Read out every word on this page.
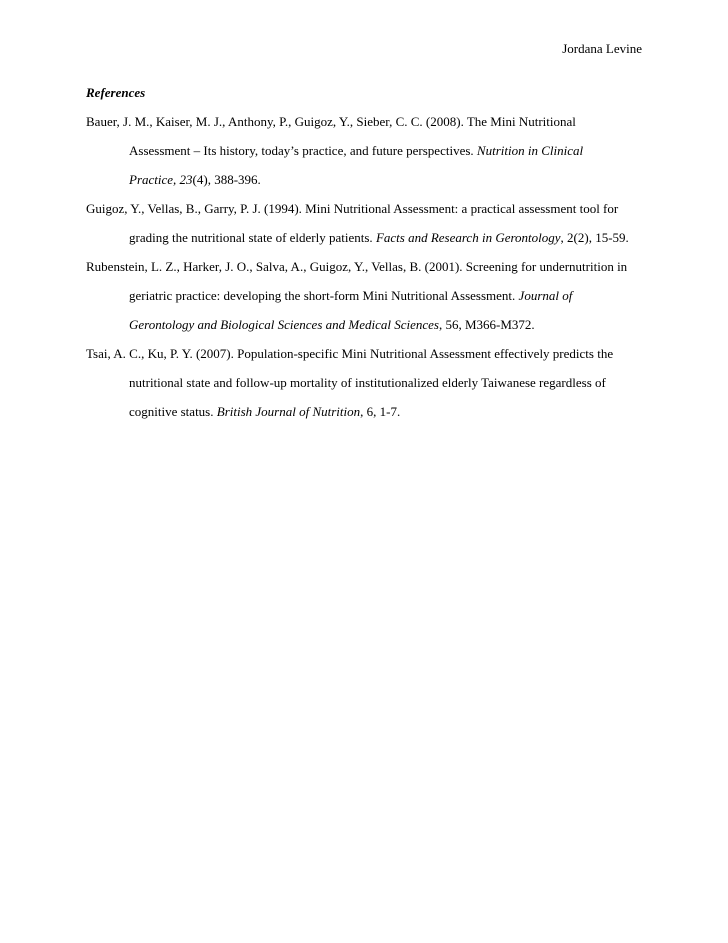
Jordana Levine
References
Bauer, J. M., Kaiser, M. J., Anthony, P., Guigoz, Y., Sieber, C. C. (2008). The Mini Nutritional
Assessment – Its history, today’s practice, and future perspectives. Nutrition in Clinical
Practice, 23(4), 388-396.
Guigoz, Y., Vellas, B., Garry, P. J. (1994). Mini Nutritional Assessment: a practical assessment tool for
grading the nutritional state of elderly patients. Facts and Research in Gerontology, 2(2), 15-59.
Rubenstein, L. Z., Harker, J. O., Salva, A., Guigoz, Y., Vellas, B. (2001). Screening for undernutrition in
geriatric practice: developing the short-form Mini Nutritional Assessment. Journal of
Gerontology and Biological Sciences and Medical Sciences, 56, M366-M372.
Tsai, A. C., Ku, P. Y. (2007). Population-specific Mini Nutritional Assessment effectively predicts the
nutritional state and follow-up mortality of institutionalized elderly Taiwanese regardless of
cognitive status. British Journal of Nutrition, 6, 1-7.
